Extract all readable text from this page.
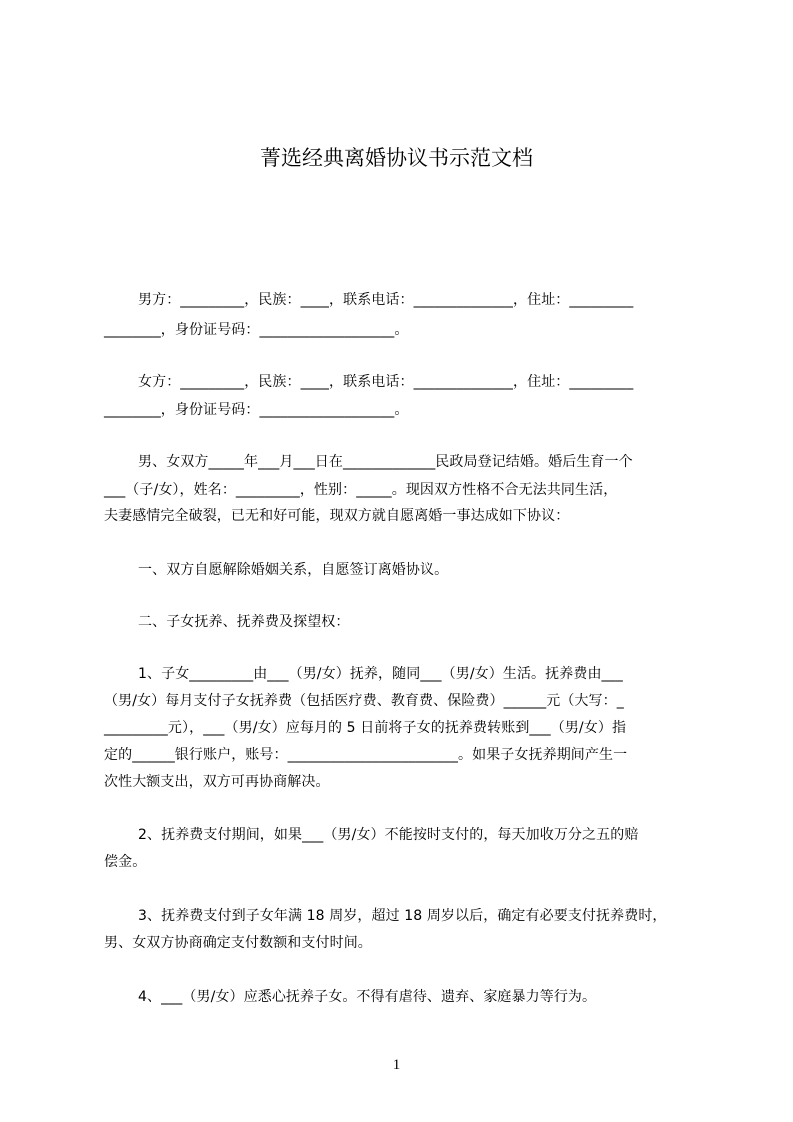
菁选经典离婚协议书示范文档
男方：_________，民族：____，联系电话：______________，住址：_________
________，身份证号码：___________________。
女方：_________，民族：____，联系电话：______________，住址：_________
________，身份证号码：___________________。
男、女双方_____年___月___日在_____________民政局登记结婚。婚后生育一个
___（子/女），姓名：_________，性别：_____。现因双方性格不合无法共同生活，
夫妻感情完全破裂，已无和好可能，现双方就自愿离婚一事达成如下协议：
一、双方自愿解除婚姻关系，自愿签订离婚协议。
二、子女抚养、抚养费及探望权：
1、子女_________由___（男/女）抚养，随同___（男/女）生活。抚养费由___
（男/女）每月支付子女抚养费（包括医疗费、教育费、保险费）______元（大写：_
_________元），___（男/女）应每月的 5 日前将子女的抚养费转账到___（男/女）指
定的______银行账户，账号：________________________。如果子女抚养期间产生一
次性大额支出，双方可再协商解决。
2、抚养费支付期间，如果___（男/女）不能按时支付的，每天加收万分之五的赔
偿金。
3、抚养费支付到子女年满 18 周岁，超过 18 周岁以后，确定有必要支付抚养费时，
男、女双方协商确定支付数额和支付时间。
4、___（男/女）应悉心抚养子女。不得有虐待、遗弃、家庭暴力等行为。
1
